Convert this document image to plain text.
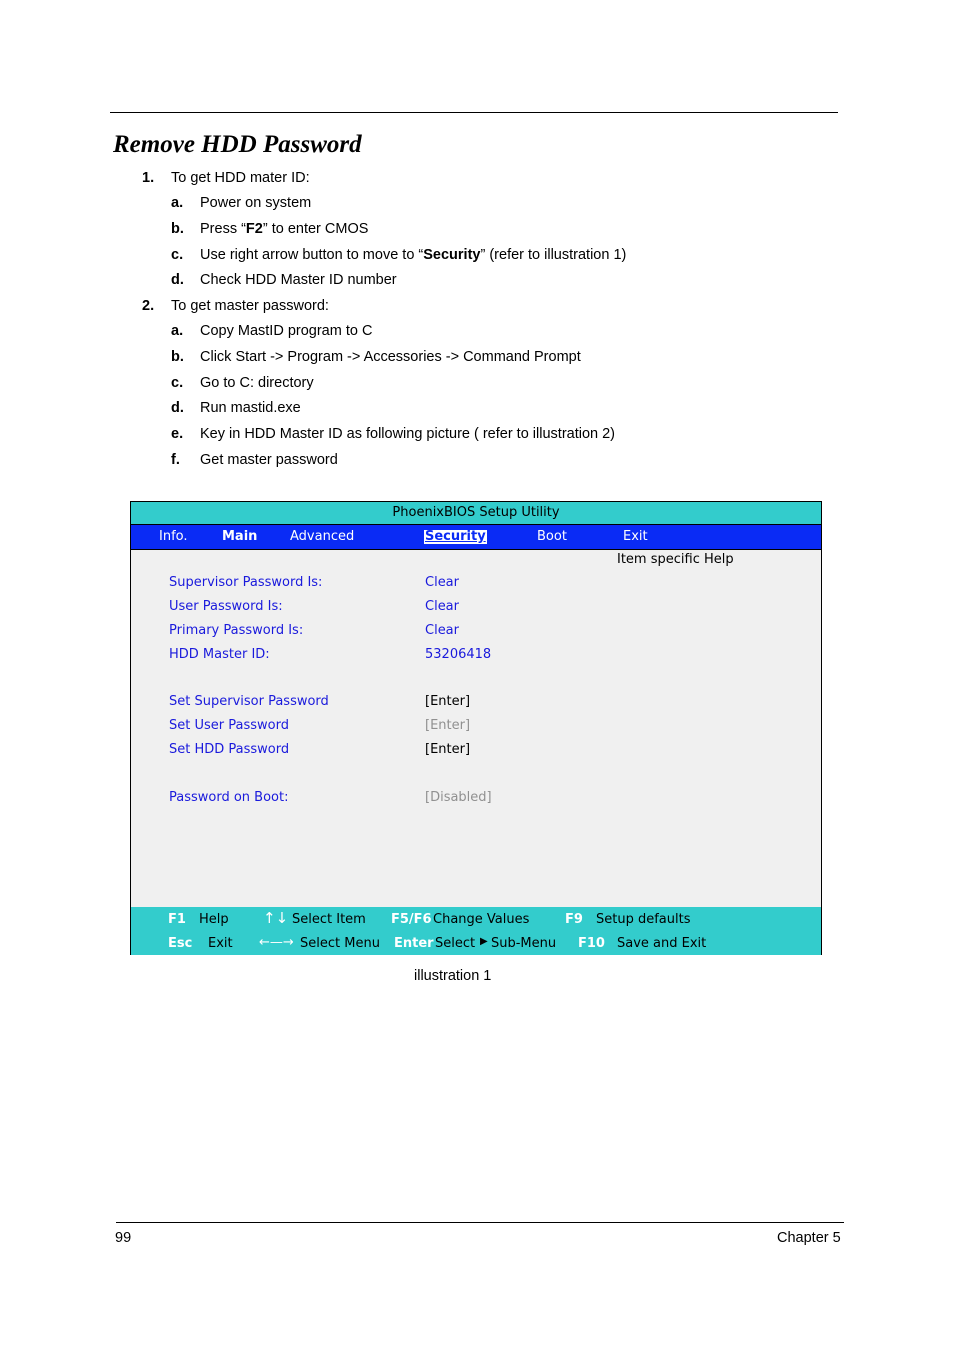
Remove HDD Password
1. To get HDD mater ID:
a. Power on system
b. Press “F2” to enter CMOS
c. Use right arrow button to move to “Security” (refer to illustration 1)
d. Check HDD Master ID number
2. To get master password:
a. Copy MastID program to C
b. Click Start -> Program -> Accessories -> Command Prompt
c. Go to C: directory
d. Run mastid.exe
e. Key in HDD Master ID as following picture ( refer to illustration 2)
f. Get master password
PhoenixBIOS Setup Utility
Info.	Main	Advanced	Security	Boot	Exit
Item specific Help
Supervisor Password Is:	Clear
User Password Is:	Clear
Primary Password Is:	Clear
HDD Master ID:	53206418
Set Supervisor Password	[Enter]
Set User Password	[Enter]
Set HDD Password	[Enter]
Password on Boot:	[Disabled]
F1 Help ↑↓ Select Item F5/F6 Change Values	F9 Setup defaults
Esc Exit ←—→ Select Menu Enter Select ▶ Sub-Menu F10 Save and Exit
illustration 1
99	Chapter 5
